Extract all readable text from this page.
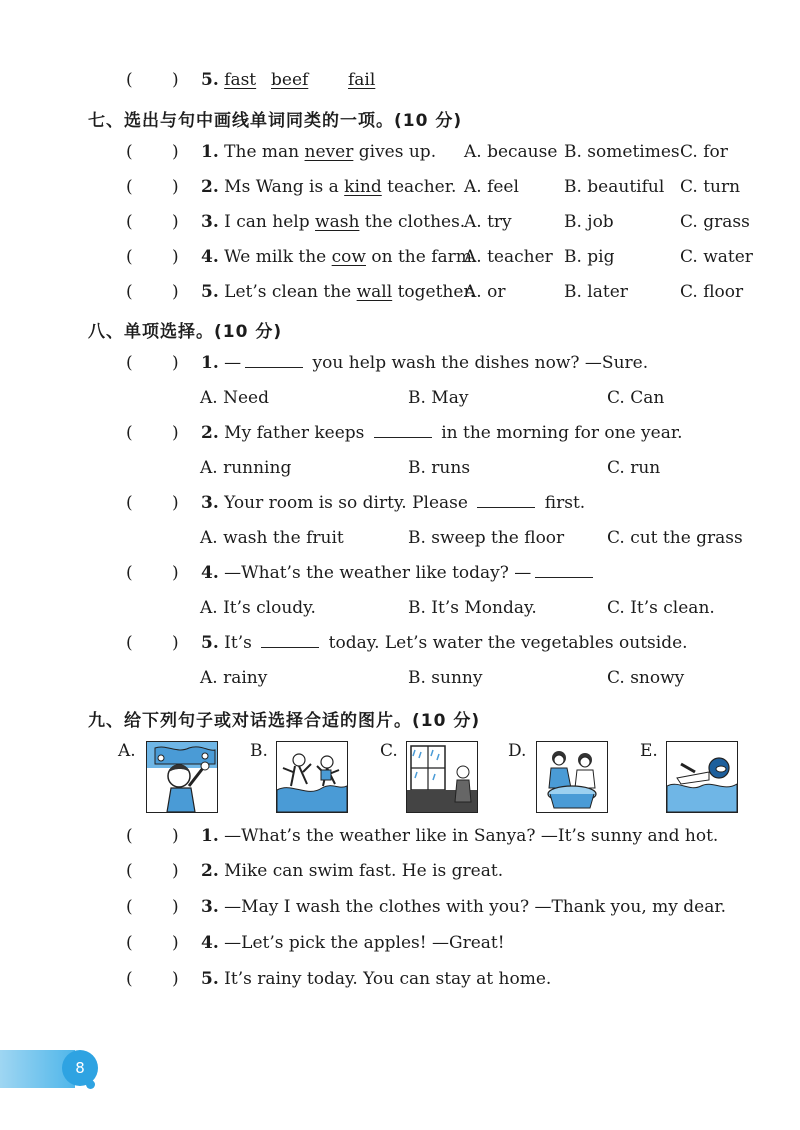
( ) 5. fast beef fail
七、选出与句中画线单词同类的一项。(10 分)
( ) 1. The man never gives up. A. because B. sometimes C. for
( ) 2. Ms Wang is a kind teacher. A. feel	B. beautiful C. turn
( ) 3. I can help wash the clothes.
A. try	B. job	C. grass
( ) 4. We milk the cow on the farm.
A. teacher B. pig	C. water
( ) 5. Let’s clean the wall together.
A. or	B. later	C. floor
八、单项选择。(10 分)
( ) 1. —	you help wash the dishes now? —Sure.
A. Need	B. May	C. Can
( ) 2. My father keeps	in the morning for one year.
A. running	B. runs	C. run
( ) 3. Your room is so dirty. Please	first.
A. wash the fruit	B. sweep the floor	C. cut the grass
( ) 4. —What’s the weather like today? —
A. It’s cloudy.	B. It’s Monday.	C. It’s clean.
( ) 5. It’s	today. Let’s water the vegetables outside.
A. rainy	B. sunny	C. snowy
九、给下列句子或对话选择合适的图片。(10 分)
A.	B.	C.	D.	E.
( ) 1. —What’s the weather like in Sanya? —It’s sunny and hot.
( ) 2. Mike can swim fast. He is great.
( ) 3. —May I wash the clothes with you? —Thank you, my dear.
( ) 4. —Let’s pick the apples! —Great!
( ) 5. It’s rainy today. You can stay at home.
8
